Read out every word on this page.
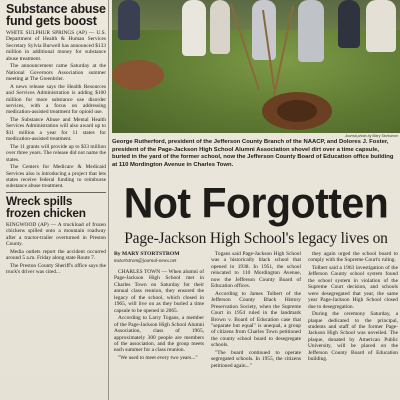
Substance abuse fund gets boost

WHITE SULPHUR SPRINGS (AP) — U.S. Department of Health & Human Services Secretary Sylvia Burwell has announced $133 million in additional money for substance abuse treatment.

The announcement came Saturday at the National Governors Association summer meeting at The Greenbrier.

A news release says the Health Resources and Services Administration is adding $100 million for more substance use disorder services, with a focus on addressing medication-assisted treatment for opioid use.

The Substance Abuse and Mental Health Services Administration will also award up to $11 million a year for 11 states for medication-assisted treatment.

The 11 grants will provide up to $33 million over three years. The release did not name the states.

The Centers for Medicare & Medicaid Services also is introducing a project that lets states receive federal funding to reimburse substance abuse treatment.

Wreck spills frozen chicken

KINGWOOD (AP) — A truckload of frozen chickens spilled onto a mountain roadway after a tractor-trailer overturned in Preston County.

Media outlets report the accident occurred around 5 a.m. Friday along state Route 7.

The Preston County Sheriff's office says the truck's driver was cited...

Journal photo by Mary Stortstrom
George Rutherford, president of the Jefferson County Branch of the NAACP, and Dolores J. Foster, president of the Page-Jackson High School Alumni Association shovel dirt over a time capsule, buried in the yard of the former school, now the Jefferson County Board of Education office building at 110 Mordington Avenue in Charles Town.
Not Forgotten
Page-Jackson High School's legacy lives on
By MARY STORTSTROM
mstortstrom@journal-news.net

CHARLES TOWN — When alumni of Page-Jackson High School met in Charles Town on Saturday for their annual class reunion, they ensured the legacy of the school, which closed in 1965, will live on as they buried a time capsule to be opened in 2065.

According to Larry Togans, a member of the Page-Jackson High School Alumni Association, class of 1965, approximately 300 people are members of the association, and the group meets each summer for a class reunion.

"We used to meet every two years..."

Togans said Page-Jackson High School was a historically black school that opened in 1938. In 1951, the school relocated to 110 Mordington Avenue, now the Jefferson County Board of Education offices.

According to James Tolbert of the Jefferson County Black History Preservation Society, when the Supreme Court in 1954 ruled in the landmark Brown v. Board of Education case that "separate but equal" is unequal, a group of citizens from Charles Town petitioned the county school board to desegregate schools.

"The board continued to operate segregated schools. In 1955, the citizens petitioned again..."

they again urged the school board to comply with the Supreme Court's ruling.

Tolbert said a 1963 investigation of the Jefferson County school system found the school system in violation of the Supreme Court decision, and schools were desegregated that year, the same year Page-Jackson High School closed due to desegregation.

During the ceremony Saturday, a plaque dedicated to the principal, students and staff of the former Page-Jackson High School was unveiled. The plaque, donated by American Public University, will be placed on the Jefferson County Board of Education building.
